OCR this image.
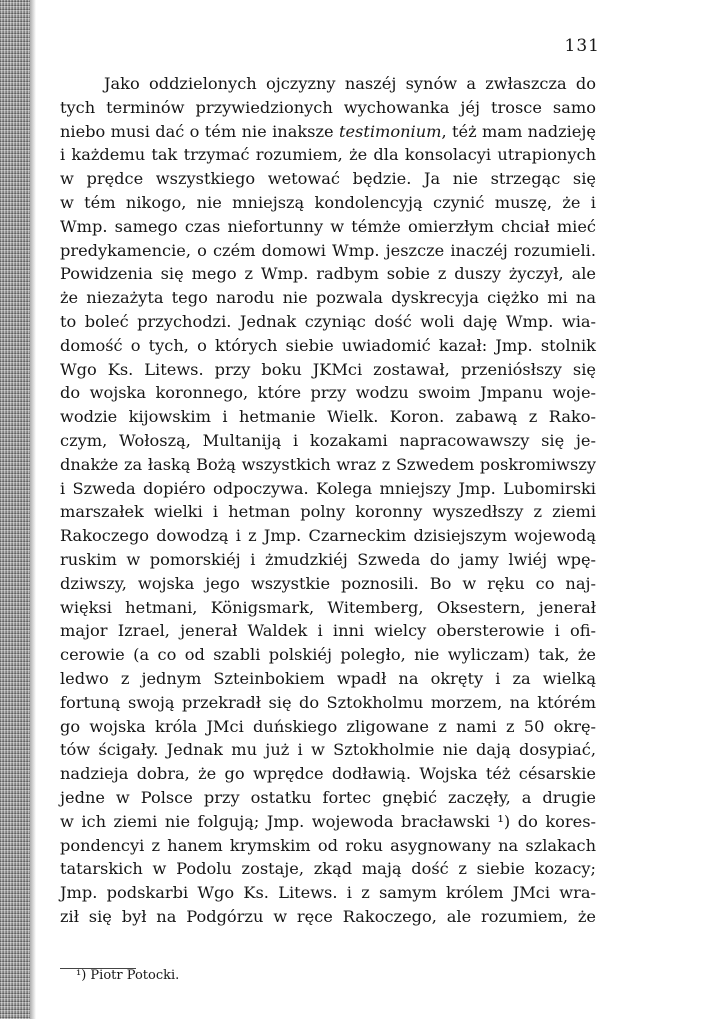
131

Jako oddzielonych ojczyzny naszéj synów a zwłaszcza do
tych terminów przywiedzionych wychowanka jéj trosce samo
niebo musi dać o tém nie inaksze testimonium, téż mam nadzieję
i każdemu tak trzymać rozumiem, że dla konsolacyi utrapionych
w prędce wszystkiego wetować będzie. Ja nie strzegąc się
w tém nikogo, nie mniejszą kondolencyją czynić muszę, że i
Wmp. samego czas niefortunny w témże omierzłym chciał mieć
predykamencie, o czém domowi Wmp. jeszcze inaczéj rozumieli.
Powidzenia się mego z Wmp. radbym sobie z duszy życzył, ale
że niezażyta tego narodu nie pozwala dyskrecyja ciężko mi na
to boleć przychodzi. Jednak czyniąc dość woli daję Wmp. wia-
domość o tych, o których siebie uwiadomić kazał: Jmp. stolnik
Wgo Ks. Litews. przy boku JKMci zostawał, przeniósłszy się
do wojska koronnego, które przy wodzu swoim Jmpanu woje-
wodzie kijowskim i hetmanie Wielk. Koron. zabawą z Rako-
czym, Wołoszą, Multaniją i kozakami napracowawszy się je-
dnakże za łaską Bożą wszystkich wraz z Szwedem poskromiwszy
i Szweda dopiéro odpoczywa. Kolega mniejszy Jmp. Lubomirski
marszałek wielki i hetman polny koronny wyszedłszy z ziemi
Rakoczego dowodzą i z Jmp. Czarneckim dzisiejszym wojewodą
ruskim w pomorskiéj i żmudzkiéj Szweda do jamy lwiéj wpę-
dziwszy, wojska jego wszystkie poznosili. Bo w ręku co naj-
więksi hetmani, Königsmark, Witemberg, Oksestern, jenerał
major Izrael, jenerał Waldek i inni wielcy obersterowie i ofi-
cerowie (a co od szabli polskiéj poległo, nie wyliczam) tak, że
ledwo z jednym Szteinbokiem wpadł na okręty i za wielką
fortuną swoją przekradł się do Sztokholmu morzem, na którém
go wojska króla JMci duńskiego zligowane z nami z 50 okrę-
tów ścigały. Jednak mu już i w Sztokholmie nie dają dosypiać,
nadzieja dobra, że go wprędce dodławią. Wojska téż césarskie
jedne w Polsce przy ostatku fortec gnębić zaczęły, a drugie
w ich ziemi nie folgują; Jmp. wojewoda bracławski ¹) do kores-
pondencyi z hanem krymskim od roku asygnowany na szlakach
tatarskich w Podolu zostaje, zkąd mają dość z siebie kozacy;
Jmp. podskarbi Wgo Ks. Litews. i z samym królem JMci wra-
ził się był na Podgórzu w ręce Rakoczego, ale rozumiem, że

¹) Piotr Potocki.
